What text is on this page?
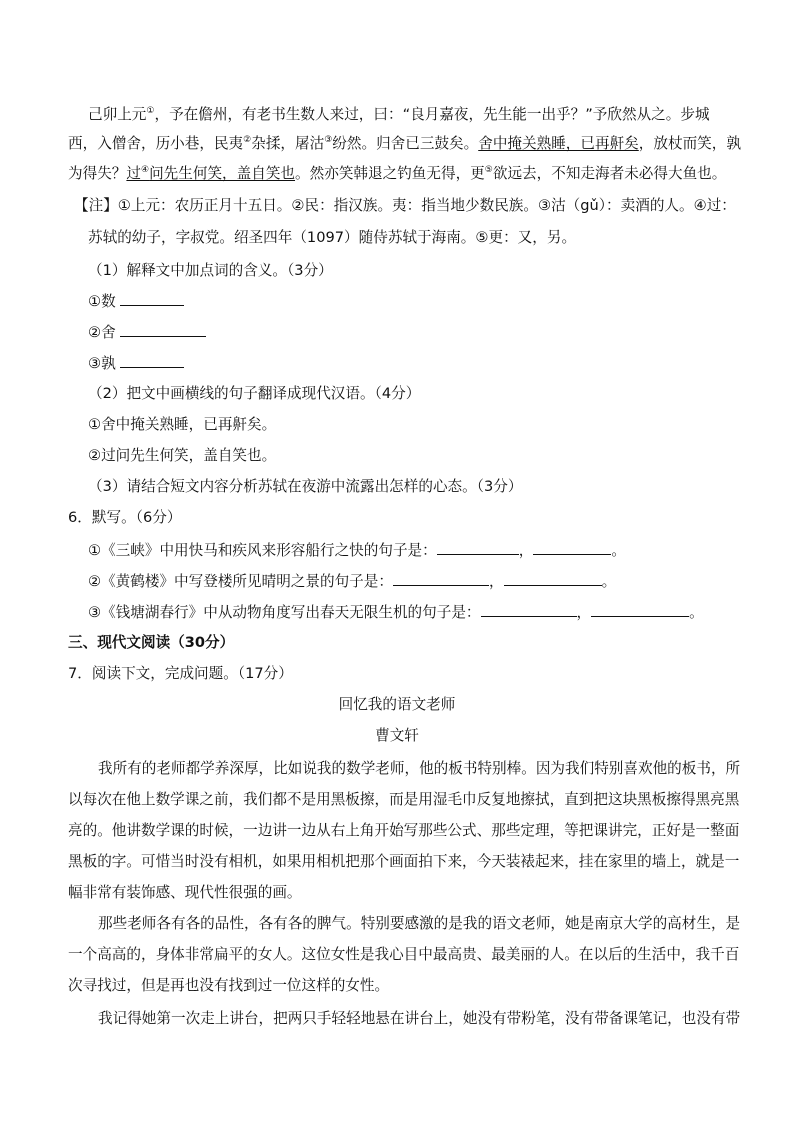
己卯上元①，予在儋州，有老书生数人来过，曰：“良月嘉夜，先生能一出乎？”予欣然从之。步城
西，入僧舍，历小巷，民夷②杂揉，屠沽③纷然。归舍已三鼓矣。舍中掩关熟睡，已再鼾矣，放杖而笑，孰
为得失？过④问先生何笑，盖自笑也。然亦笑韩退之钓鱼无得，更⑤欲远去，不知走海者未必得大鱼也。
【注】①上元：农历正月十五日。②民：指汉族。夷：指当地少数民族。③沽（gǔ）：卖酒的人。④过：
苏轼的幼子，字叔党。绍圣四年（1097）随侍苏轼于海南。⑤更：又，另。
（1）解释文中加点词的含义。（3分）
①数
②舍
③孰
（2）把文中画横线的句子翻译成现代汉语。（4分）
①舍中掩关熟睡，已再鼾矣。
②过问先生何笑，盖自笑也。
（3）请结合短文内容分析苏轼在夜游中流露出怎样的心态。（3分）
6．默写。（6分）
①《三峡》中用快马和疾风来形容船行之快的句子是：	，	。
②《黄鹤楼》中写登楼所见晴明之景的句子是：	，	。
③《钱塘湖春行》中从动物角度写出春天无限生机的句子是：	，	。
三、现代文阅读（30分）
7．阅读下文，完成问题。（17分）
回忆我的语文老师
曹文轩
我所有的老师都学养深厚，比如说我的数学老师，他的板书特别棒。因为我们特别喜欢他的板书，所
以每次在他上数学课之前，我们都不是用黑板擦，而是用湿毛巾反复地擦拭，直到把这块黑板擦得黑亮黑
亮的。他讲数学课的时候，一边讲一边从右上角开始写那些公式、那些定理，等把课讲完，正好是一整面
黑板的字。可惜当时没有相机，如果用相机把那个画面拍下来，今天装裱起来，挂在家里的墙上，就是一
幅非常有装饰感、现代性很强的画。
那些老师各有各的品性，各有各的脾气。特别要感激的是我的语文老师，她是南京大学的高材生，是
一个高高的，身体非常扁平的女人。这位女性是我心目中最高贵、最美丽的人。在以后的生活中，我千百
次寻找过，但是再也没有找到过一位这样的女性。
我记得她第一次走上讲台，把两只手轻轻地悬在讲台上，她没有带粉笔，没有带备课笔记，也没有带
